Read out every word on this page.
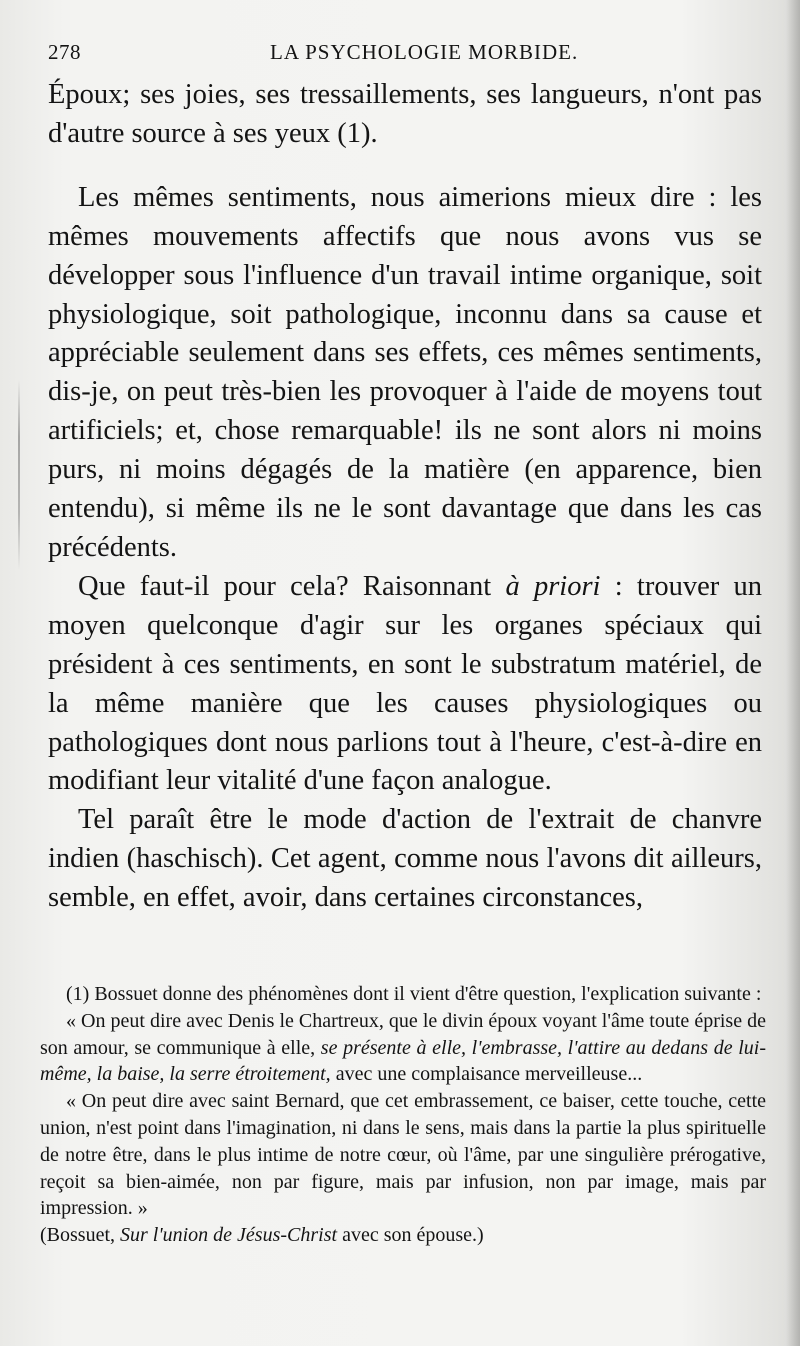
278	LA PSYCHOLOGIE MORBIDE.

Époux; ses joies, ses tressaillements, ses langueurs, n'ont pas d'autre source à ses yeux (1).

Les mêmes sentiments, nous aimerions mieux dire : les mêmes mouvements affectifs que nous avons vus se développer sous l'influence d'un travail intime organique, soit physiologique, soit pathologique, inconnu dans sa cause et appréciable seulement dans ses effets, ces mêmes sentiments, dis-je, on peut très-bien les provoquer à l'aide de moyens tout artificiels; et, chose remarquable! ils ne sont alors ni moins purs, ni moins dégagés de la matière (en apparence, bien entendu), si même ils ne le sont davantage que dans les cas précédents.

Que faut-il pour cela? Raisonnant à priori : trouver un moyen quelconque d'agir sur les organes spéciaux qui président à ces sentiments, en sont le substratum matériel, de la même manière que les causes physiologiques ou pathologiques dont nous parlions tout à l'heure, c'est-à-dire en modifiant leur vitalité d'une façon analogue.

Tel paraît être le mode d'action de l'extrait de chanvre indien (haschisch). Cet agent, comme nous l'avons dit ailleurs, semble, en effet, avoir, dans certaines circonstances,

(1) Bossuet donne des phénomènes dont il vient d'être question, l'explication suivante :

« On peut dire avec Denis le Chartreux, que le divin époux voyant l'âme toute éprise de son amour, se communique à elle, se présente à elle, l'embrasse, l'attire au dedans de lui-même, la baise, la serre étroitement, avec une complaisance merveilleuse...

« On peut dire avec saint Bernard, que cet embrassement, ce baiser, cette touche, cette union, n'est point dans l'imagination, ni dans le sens, mais dans la partie la plus spirituelle de notre être, dans le plus intime de notre cœur, où l'âme, par une singulière prérogative, reçoit sa bien-aimée, non par figure, mais par infusion, non par image, mais par impression. »

(Bossuet, Sur l'union de Jésus-Christ avec son épouse.)
